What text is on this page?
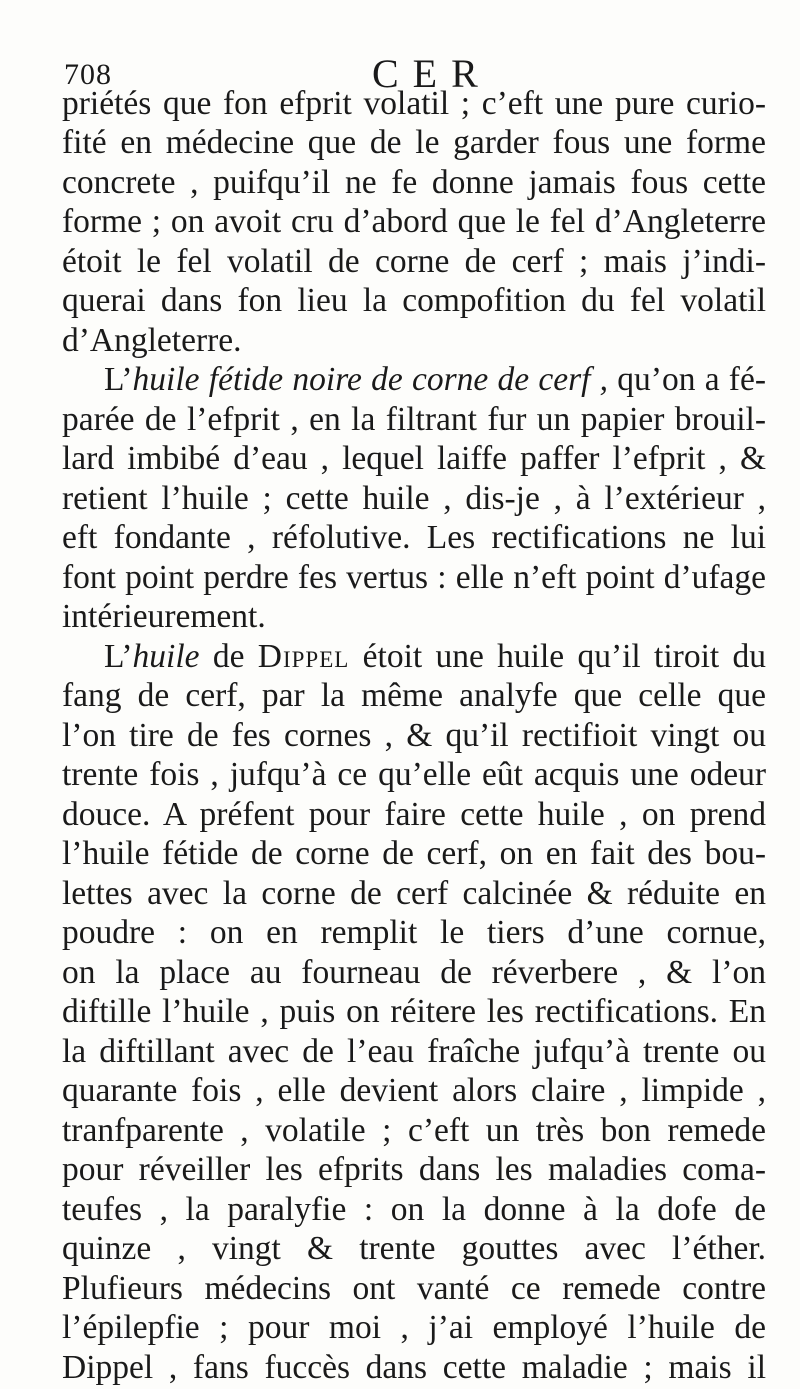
708	CER
priétés que fon efprit volatil ; c’eft une pure curio-
fité en médecine que de le garder fous une forme
concrete , puifqu’il ne fe donne jamais fous cette
forme ; on avoit cru d’abord que le fel d’Angleterre
étoit le fel volatil de corne de cerf ; mais j’indi-
querai dans fon lieu la compofition du fel volatil
d’Angleterre.
L’huile fétide noire de corne de cerf , qu’on a fé-
parée de l’efprit , en la filtrant fur un papier brouil-
lard imbibé d’eau , lequel laiffe paffer l’efprit , &
retient l’huile ; cette huile , dis-je , à l’extérieur ,
eft fondante , réfolutive. Les rectifications ne lui
font point perdre fes vertus : elle n’eft point d’ufage
intérieurement.
L’huile de Dippel étoit une huile qu’il tiroit du
fang de cerf, par la même analyfe que celle que
l’on tire de fes cornes , & qu’il rectifioit vingt ou
trente fois , jufqu’à ce qu’elle eût acquis une odeur
douce. A préfent pour faire cette huile , on prend
l’huile fétide de corne de cerf, on en fait des bou-
lettes avec la corne de cerf calcinée & réduite en
poudre : on en remplit le tiers d’une cornue,
on la place au fourneau de réverbere , & l’on
diftille l’huile , puis on réitere les rectifications. En
la diftillant avec de l’eau fraîche jufqu’à trente ou
quarante fois , elle devient alors claire , limpide ,
tranfparente , volatile ; c’eft un très bon remede
pour réveiller les efprits dans les maladies coma-
teufes , la paralyfie : on la donne à la dofe de
quinze , vingt & trente gouttes avec l’éther.
Plufieurs médecins ont vanté ce remede contre
l’épilepfie ; pour moi , j’ai employé l’huile de
Dippel , fans fuccès dans cette maladie ; mais il
